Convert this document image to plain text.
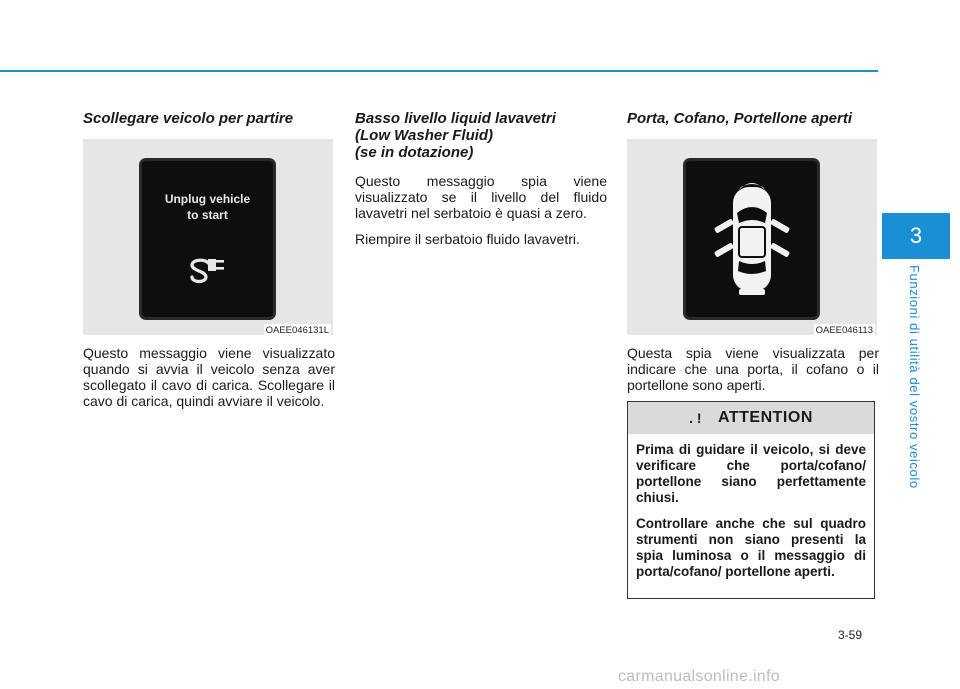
Scollegare veicolo per partire

Unplug vehicle
to start
OAEE046131L

Questo messaggio viene visualizzato quando si avvia il veicolo senza aver scollegato il cavo di carica. Scollegare il cavo di carica, quindi avviare il veicolo.

Basso livello liquid lavavetri
(Low Washer Fluid)
(se in dotazione)

Questo messaggio spia viene visualizzato se il livello del fluido lavavetri nel serbatoio è quasi a zero.

Riempire il serbatoio fluido lavavetri.

Porta, Cofano, Portellone aperti

OAEE046113

Questa spia viene visualizzata per indicare che una porta, il cofano o il portellone sono aperti.

. ! ATTENTION

Prima di guidare il veicolo, si deve verificare che porta/cofano/ portellone siano perfettamente chiusi.

Controllare anche che sul quadro strumenti non siano presenti la spia luminosa o il messaggio di porta/cofano/ portellone aperti.

3
Funzioni di utilità del vostro veicolo
3-59
carmanualsonline.info
